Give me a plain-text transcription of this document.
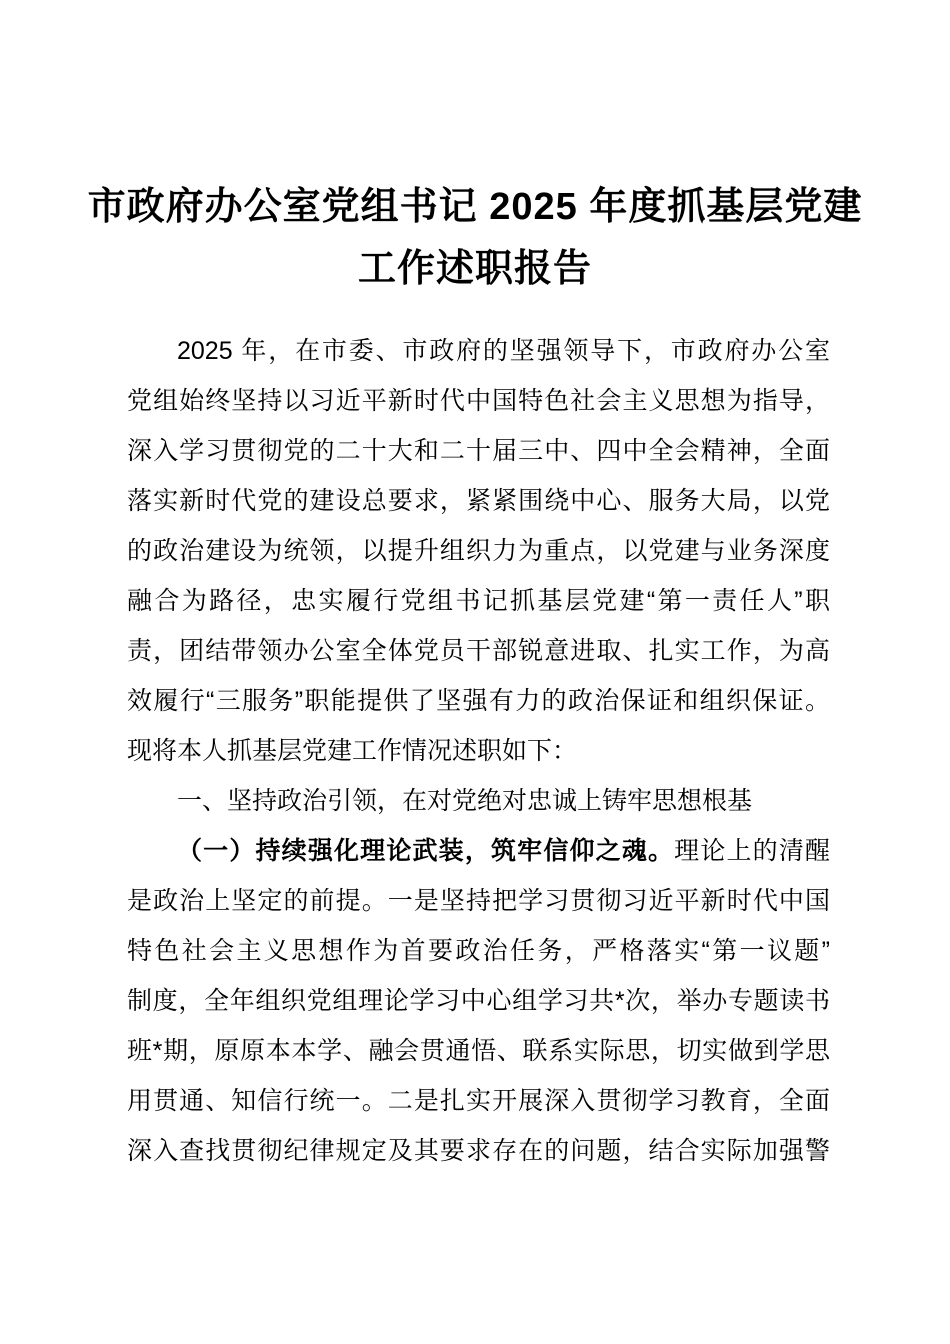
市政府办公室党组书记 2025 年度抓基层党建
工作述职报告
2025 年，在市委、市政府的坚强领导下，市政府办公室
党组始终坚持以习近平新时代中国特色社会主义思想为指导，
深入学习贯彻党的二十大和二十届三中、四中全会精神，全面
落实新时代党的建设总要求，紧紧围绕中心、服务大局，以党
的政治建设为统领，以提升组织力为重点，以党建与业务深度
融合为路径，忠实履行党组书记抓基层党建“第一责任人”职
责，团结带领办公室全体党员干部锐意进取、扎实工作，为高
效履行“三服务”职能提供了坚强有力的政治保证和组织保证。
现将本人抓基层党建工作情况述职如下：
一、坚持政治引领，在对党绝对忠诚上铸牢思想根基
（一）持续强化理论武装，筑牢信仰之魂。理论上的清醒
是政治上坚定的前提。一是坚持把学习贯彻习近平新时代中国
特色社会主义思想作为首要政治任务，严格落实“第一议题”
制度，全年组织党组理论学习中心组学习共*次，举办专题读书
班*期，原原本本学、融会贯通悟、联系实际思，切实做到学思
用贯通、知信行统一。二是扎实开展深入贯彻学习教育，全面
深入查找贯彻纪律规定及其要求存在的问题，结合实际加强警
